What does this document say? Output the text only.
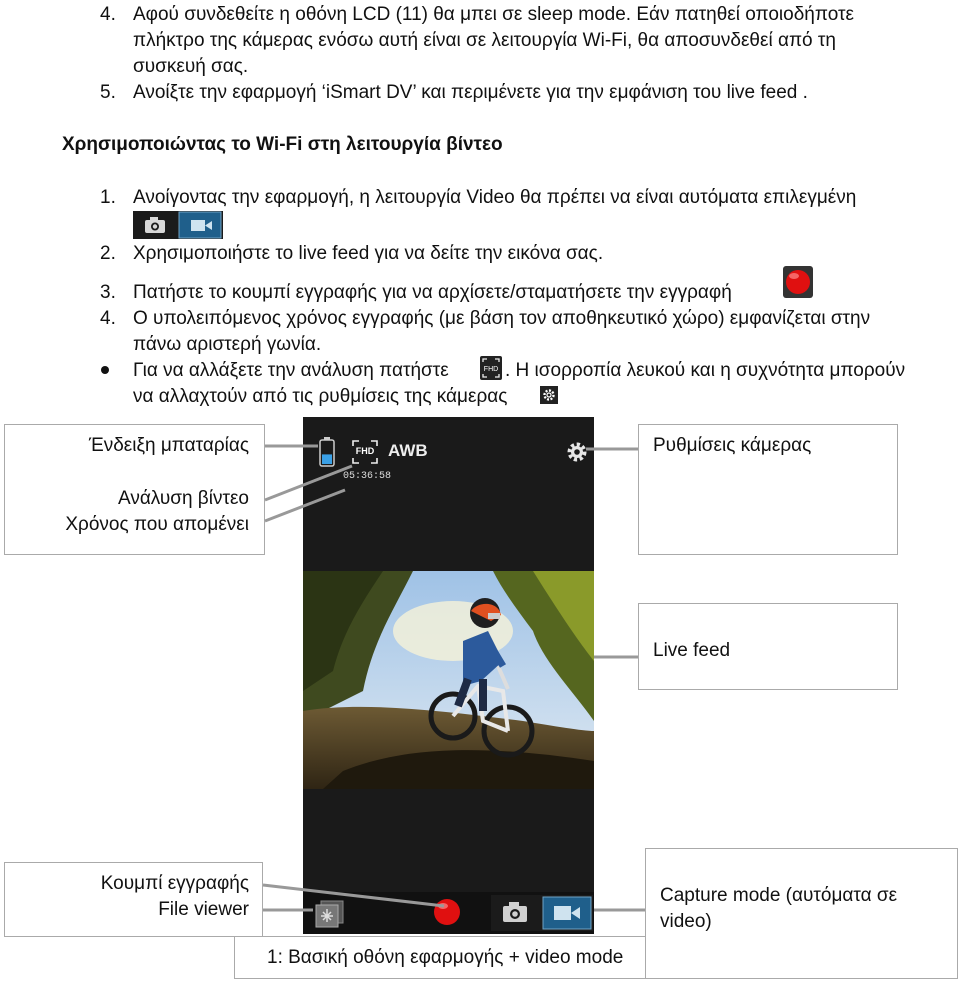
4. Αφού συνδεθείτε η οθόνη LCD (11) θα μπει σε sleep mode. Εάν πατηθεί οποιοδήποτε
πλήκτρο της κάμερας ενόσω αυτή είναι σε λειτουργία Wi-Fi, θα αποσυνδεθεί από τη
συσκευή σας.
5. Ανοίξτε την εφαρμογή ‘iSmart DV’ και περιμένετε για την εμφάνιση του live feed .
Χρησιμοποιώντας το Wi-Fi στη λειτουργία βίντεο
1. Ανοίγοντας την εφαρμογή, η λειτουργία Video θα πρέπει να είναι αυτόματα επιλεγμένη
2. Χρησιμοποιήστε το live feed για να δείτε την εικόνα σας.
3. Πατήστε το κουμπί εγγραφής για να αρχίσετε/σταματήσετε την εγγραφή
4. Ο υπολειπόμενος χρόνος εγγραφής (με βάση τον αποθηκευτικό χώρο) εμφανίζεται στην
πάνω αριστερή γωνία.
Για να αλλάξετε την ανάλυση πατήστε	FHD . Η ισορροπία λευκού και η συχνότητα μπορούν
να αλλαχτούν από τις ρυθμίσεις της κάμερας
Ένδειξη μπαταρίας
Ανάλυση βίντεο
Χρόνος που απομένει
Ρυθμίσεις κάμερας
Live feed
Κουμπί εγγραφής
File viewer
Capture mode (αυτόματα σε
video)
1: Βασική οθόνη εφαρμογής + video mode
FHD AWB
05:36:58
